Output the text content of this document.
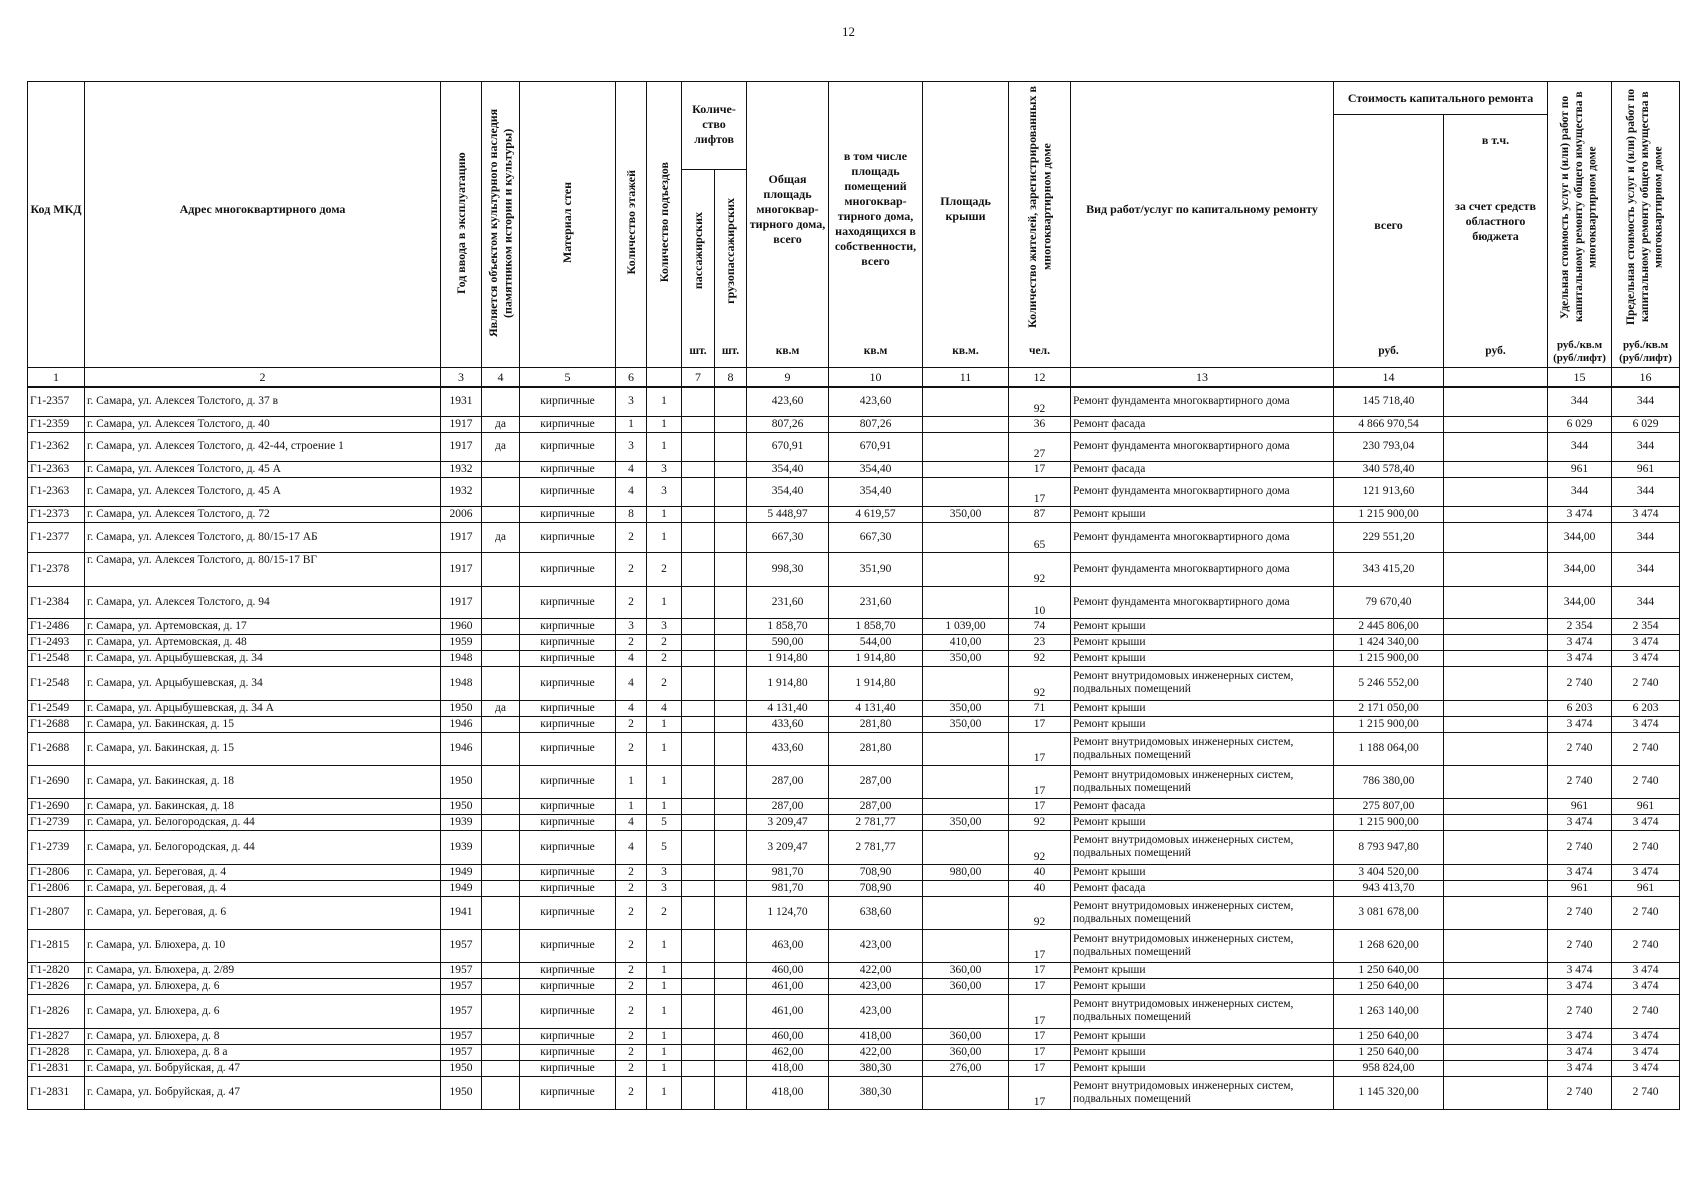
12
Код МКД	Адрес многоквартирного дома	Год ввода в эксплуатацию	Является объектом культурного наследия (памятником истории и культуры)	Материал стен	Количество этажей	Количество подъездов	Количе- ство лифтов		Общая площадь многоквар- тирного дома, всего	в том числе площадь помещений многоквар- тирного дома, находящихся в собственности, всего	Площадь крыши	Количество жителей, зарегистрированных в многоквартирном доме	Вид работ/услуг по капитальному ремонту	Стоимость капитального ремонта		Удельная стоимость услуг и (или) работ по капитальному ремонту общего имущества в многоквартирном доме	Предельная стоимость услуг и (или) работ по капитальному ремонту общего имущества в многоквартирном доме
														всего	в т.ч.		
							пассажирских	грузопассажирских							за счет средств областного бюджета		
							шт.	шт.	кв.м	кв.м	кв.м.	чел.		руб.	руб.	руб./кв.м (руб/лифт)	руб./кв.м (руб/лифт)
1	2	3	4	5	6		7	8	9	10	11	12	13	14		15	16
Г1-2357	г. Самара, ул. Алексея Толстого, д. 37 в	1931		кирпичные	3	1			423,60	423,60		92	Ремонт фундамента многоквартирного дома	145 718,40		344	344
Г1-2359	г. Самара, ул. Алексея Толстого, д. 40	1917	да	кирпичные	1	1			807,26	807,26		36	Ремонт фасада	4 866 970,54		6 029	6 029
Г1-2362	г. Самара, ул. Алексея Толстого, д. 42-44, строение 1	1917	да	кирпичные	3	1			670,91	670,91		27	Ремонт фундамента многоквартирного дома	230 793,04		344	344
Г1-2363	г. Самара, ул. Алексея Толстого, д. 45 А	1932		кирпичные	4	3			354,40	354,40		17	Ремонт фасада	340 578,40		961	961
Г1-2363	г. Самара, ул. Алексея Толстого, д. 45 А	1932		кирпичные	4	3			354,40	354,40		17	Ремонт фундамента многоквартирного дома	121 913,60		344	344
Г1-2373	г. Самара, ул. Алексея Толстого, д. 72	2006		кирпичные	8	1			5 448,97	4 619,57	350,00	87	Ремонт крыши	1 215 900,00		3 474	3 474
Г1-2377	г. Самара, ул. Алексея Толстого, д. 80/15-17 АБ	1917	да	кирпичные	2	1			667,30	667,30		65	Ремонт фундамента многоквартирного дома	229 551,20		344,00	344
Г1-2378	г. Самара, ул. Алексея Толстого, д. 80/15-17 ВГ	1917		кирпичные	2	2			998,30	351,90		92	Ремонт фундамента многоквартирного дома	343 415,20		344,00	344
Г1-2384	г. Самара, ул. Алексея Толстого, д. 94	1917		кирпичные	2	1			231,60	231,60		10	Ремонт фундамента многоквартирного дома	79 670,40		344,00	344
Г1-2486	г. Самара, ул. Артемовская, д. 17	1960		кирпичные	3	3			1 858,70	1 858,70	1 039,00	74	Ремонт крыши	2 445 806,00		2 354	2 354
Г1-2493	г. Самара, ул. Артемовская, д. 48	1959		кирпичные	2	2			590,00	544,00	410,00	23	Ремонт крыши	1 424 340,00		3 474	3 474
Г1-2548	г. Самара, ул. Арцыбушевская, д. 34	1948		кирпичные	4	2			1 914,80	1 914,80	350,00	92	Ремонт крыши	1 215 900,00		3 474	3 474
Г1-2548	г. Самара, ул. Арцыбушевская, д. 34	1948		кирпичные	4	2			1 914,80	1 914,80		92	Ремонт внутридомовых инженерных систем, подвальных помещений	5 246 552,00		2 740	2 740
Г1-2549	г. Самара, ул. Арцыбушевская, д. 34 А	1950	да	кирпичные	4	4			4 131,40	4 131,40	350,00	71	Ремонт крыши	2 171 050,00		6 203	6 203
Г1-2688	г. Самара, ул. Бакинская, д. 15	1946		кирпичные	2	1			433,60	281,80	350,00	17	Ремонт крыши	1 215 900,00		3 474	3 474
Г1-2688	г. Самара, ул. Бакинская, д. 15	1946		кирпичные	2	1			433,60	281,80		17	Ремонт внутридомовых инженерных систем, подвальных помещений	1 188 064,00		2 740	2 740
Г1-2690	г. Самара, ул. Бакинская, д. 18	1950		кирпичные	1	1			287,00	287,00		17	Ремонт внутридомовых инженерных систем, подвальных помещений	786 380,00		2 740	2 740
Г1-2690	г. Самара, ул. Бакинская, д. 18	1950		кирпичные	1	1			287,00	287,00		17	Ремонт фасада	275 807,00		961	961
Г1-2739	г. Самара, ул. Белогородская, д. 44	1939		кирпичные	4	5			3 209,47	2 781,77	350,00	92	Ремонт крыши	1 215 900,00		3 474	3 474
Г1-2739	г. Самара, ул. Белогородская, д. 44	1939		кирпичные	4	5			3 209,47	2 781,77		92	Ремонт внутридомовых инженерных систем, подвальных помещений	8 793 947,80		2 740	2 740
Г1-2806	г. Самара, ул. Береговая, д. 4	1949		кирпичные	2	3			981,70	708,90	980,00	40	Ремонт крыши	3 404 520,00		3 474	3 474
Г1-2806	г. Самара, ул. Береговая, д. 4	1949		кирпичные	2	3			981,70	708,90		40	Ремонт фасада	943 413,70		961	961
Г1-2807	г. Самара, ул. Береговая, д. 6	1941		кирпичные	2	2			1 124,70	638,60		92	Ремонт внутридомовых инженерных систем, подвальных помещений	3 081 678,00		2 740	2 740
Г1-2815	г. Самара, ул. Блюхера, д. 10	1957		кирпичные	2	1			463,00	423,00		17	Ремонт внутридомовых инженерных систем, подвальных помещений	1 268 620,00		2 740	2 740
Г1-2820	г. Самара, ул. Блюхера, д. 2/89	1957		кирпичные	2	1			460,00	422,00	360,00	17	Ремонт крыши	1 250 640,00		3 474	3 474
Г1-2826	г. Самара, ул. Блюхера, д. 6	1957		кирпичные	2	1			461,00	423,00	360,00	17	Ремонт крыши	1 250 640,00		3 474	3 474
Г1-2826	г. Самара, ул. Блюхера, д. 6	1957		кирпичные	2	1			461,00	423,00		17	Ремонт внутридомовых инженерных систем, подвальных помещений	1 263 140,00		2 740	2 740
Г1-2827	г. Самара, ул. Блюхера, д. 8	1957		кирпичные	2	1			460,00	418,00	360,00	17	Ремонт крыши	1 250 640,00		3 474	3 474
Г1-2828	г. Самара, ул. Блюхера, д. 8 а	1957		кирпичные	2	1			462,00	422,00	360,00	17	Ремонт крыши	1 250 640,00		3 474	3 474
Г1-2831	г. Самара, ул. Бобруйская, д. 47	1950		кирпичные	2	1			418,00	380,30	276,00	17	Ремонт крыши	958 824,00		3 474	3 474
Г1-2831	г. Самара, ул. Бобруйская, д. 47	1950		кирпичные	2	1			418,00	380,30		17	Ремонт внутридомовых инженерных систем, подвальных помещений	1 145 320,00		2 740	2 740
